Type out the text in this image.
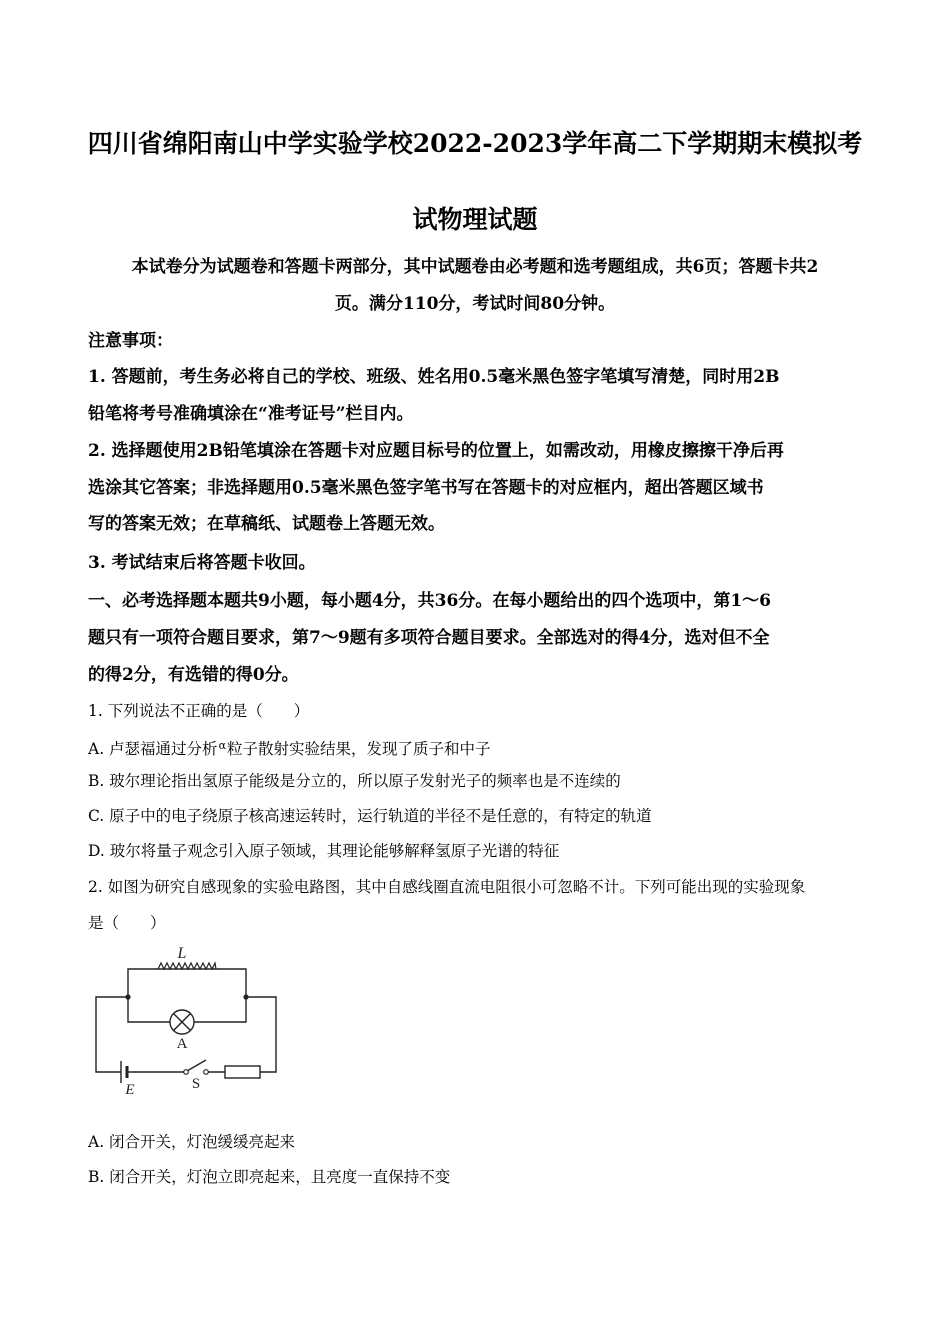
四川省绵阳南山中学实验学校2022-2023学年高二下学期期末模拟考
试物理试题
本试卷分为试题卷和答题卡两部分，其中试题卷由必考题和选考题组成，共6页；答题卡共2
页。满分110分，考试时间80分钟。
注意事项：
1. 答题前，考生务必将自己的学校、班级、姓名用0.5毫米黑色签字笔填写清楚，同时用2B
铅笔将考号准确填涂在“准考证号”栏目内。
2. 选择题使用2B铅笔填涂在答题卡对应题目标号的位置上，如需改动，用橡皮擦擦干净后再
选涂其它答案；非选择题用0.5毫米黑色签字笔书写在答题卡的对应框内，超出答题区域书
写的答案无效；在草稿纸、试题卷上答题无效。
3. 考试结束后将答题卡收回。
一、必考选择题本题共9小题，每小题4分，共36分。在每小题给出的四个选项中，第1～6
题只有一项符合题目要求，第7～9题有多项符合题目要求。全部选对的得4分，选对但不全
的得2分，有选错的得0分。
1. 下列说法不正确的是（　　）
A. 卢瑟福通过分析$^\alpha$粒子散射实验结果，发现了质子和中子
B. 玻尔理论指出氢原子能级是分立的，所以原子发射光子的频率也是不连续的
C. 原子中的电子绕原子核高速运转时，运行轨道的半径不是任意的，有特定的轨道
D. 玻尔将量子观念引入原子领域，其理论能够解释氢原子光谱的特征
2. 如图为研究自感现象的实验电路图，其中自感线圈直流电阻很小可忽略不计。下列可能出现的实验现象
是（　　）
L
A
S
E
A. 闭合开关，灯泡缓缓亮起来
B. 闭合开关，灯泡立即亮起来，且亮度一直保持不变
